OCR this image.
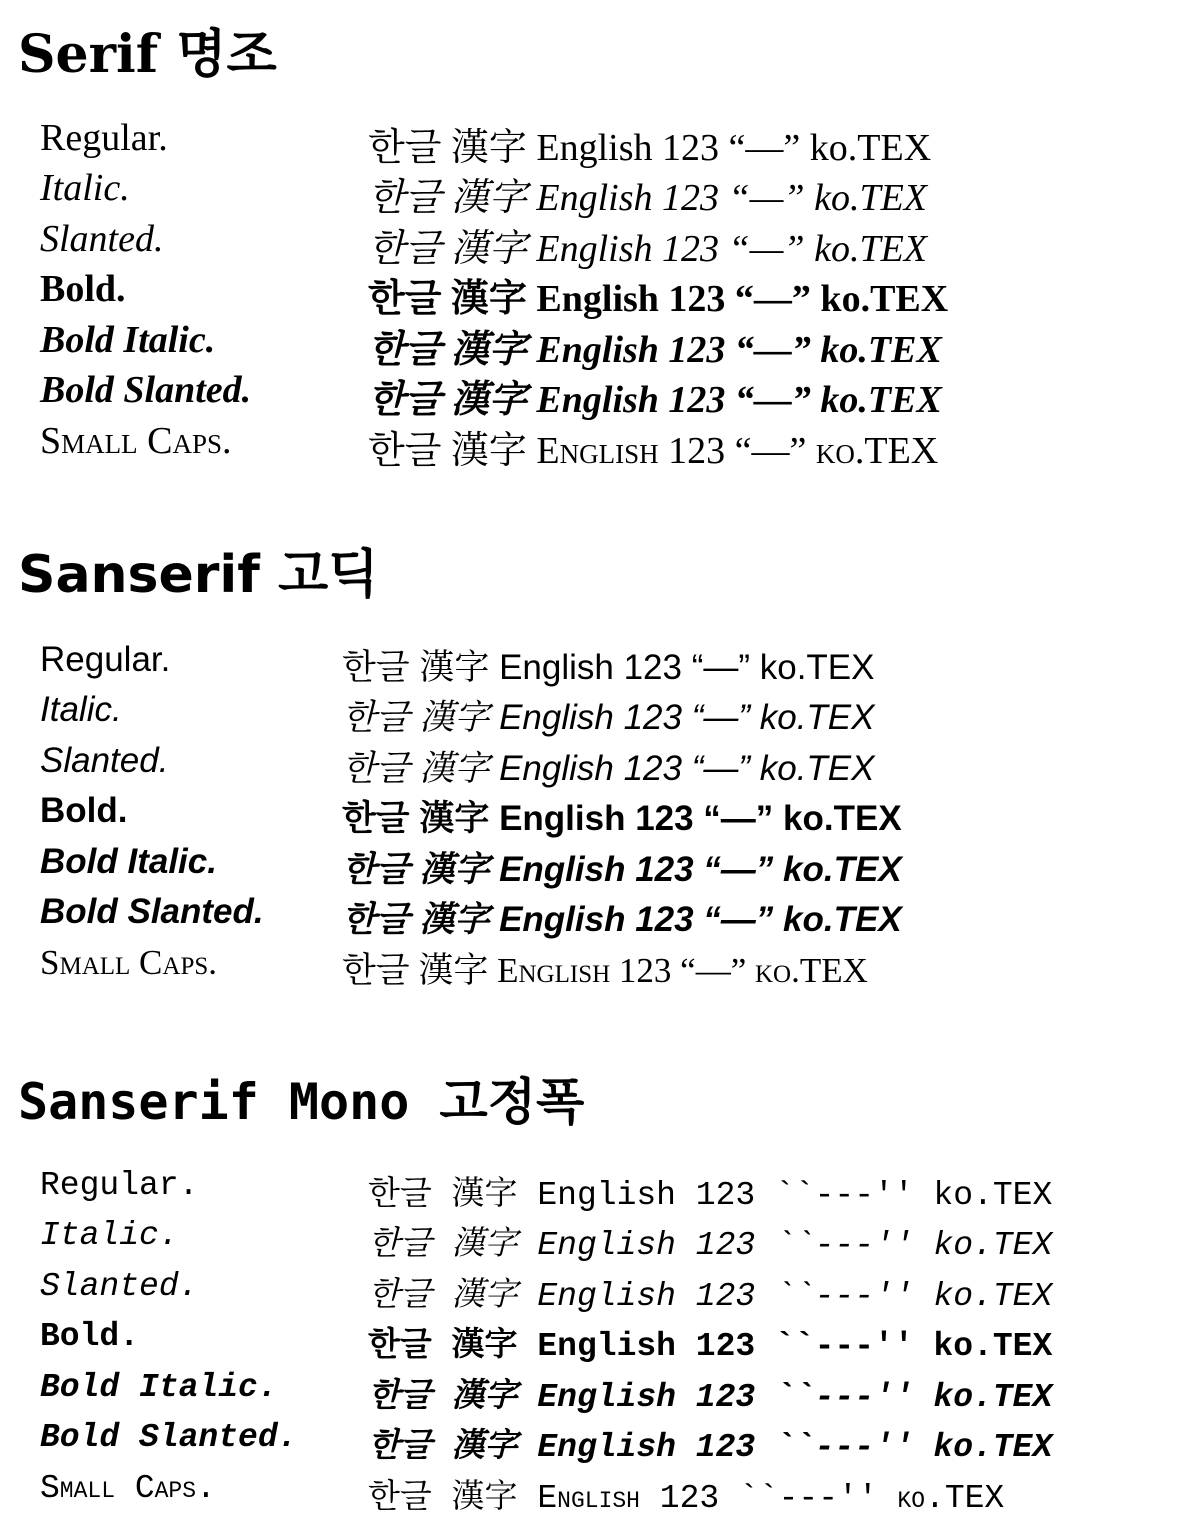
Serif 명조
Regular.	한글 漢字 English 123 “—” ko.TEX
Italic.	한글 漢字 English 123 “—” ko.TEX
Slanted.	한글 漢字 English 123 “—” ko.TEX
Bold.	한글 漢字 English 123 “—” ko.TEX
Bold Italic.	한글 漢字 English 123 “—” ko.TEX
Bold Slanted.	한글 漢字 English 123 “—” ko.TEX
Small Caps.	한글 漢字 English 123 “—” ko.TEX
Sanserif 고딕
Regular.	한글 漢字 English 123 “—” ko.TEX
Italic.	한글 漢字 English 123 “—” ko.TEX
Slanted.	한글 漢字 English 123 “—” ko.TEX
Bold.	한글 漢字 English 123 “—” ko.TEX
Bold Italic.	한글 漢字 English 123 “—” ko.TEX
Bold Slanted. 한글 漢字 English 123 “—” ko.TEX
Small Caps.	한글 漢字 English 123 “—” ko.TEX
Sanserif Mono 고정폭
Regular.	한글 漢字 English 123 ``---'' ko.TEX
Italic.	한글 漢字 English 123 ``---'' ko.TEX
Slanted.	한글 漢字 English 123 ``---'' ko.TEX
Bold.	한글 漢字 English 123 ``---'' ko.TEX
Bold Italic.	한글 漢字 English 123 ``---'' ko.TEX
Bold Slanted. 한글 漢字 English 123 ``---'' ko.TEX
Small Caps.	한글 漢字 English 123 ``---'' ko.TEX
